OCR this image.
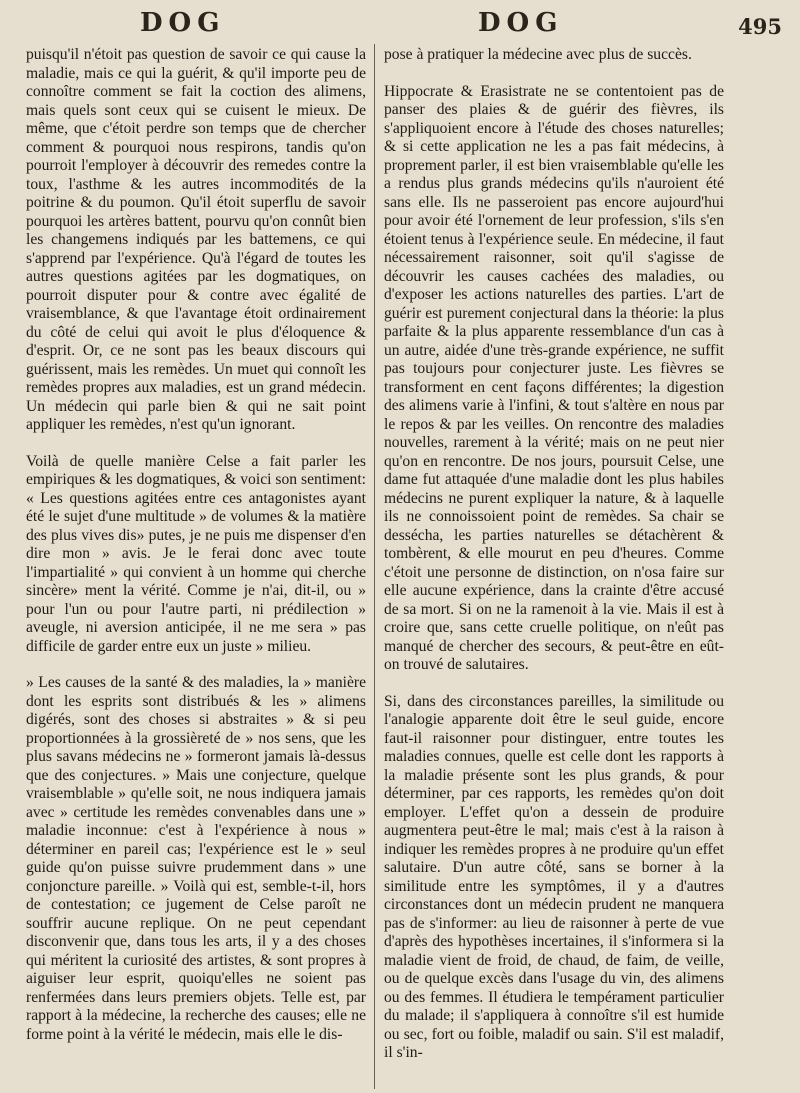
DOG	DOG	495

puisqu'il n'étoit pas question de savoir ce qui cause la maladie, mais ce qui la guérit, & qu'il importe peu de connoître comment se fait la coction des alimens, mais quels sont ceux qui se cuisent le mieux. De même, que c'étoit perdre son temps que de chercher comment & pourquoi nous respirons, tandis qu'on pourroit l'employer à découvrir des remedes contre la toux, l'asthme & les autres incommodités de la poitrine & du poumon. Qu'il étoit superflu de savoir pourquoi les artères battent, pourvu qu'on connût bien les changemens indiqués par les battemens, ce qui s'apprend par l'expérience. Qu'à l'égard de toutes les autres questions agitées par les dogmatiques, on pourroit disputer pour & contre avec égalité de vraisemblance, & que l'avantage étoit ordinairement du côté de celui qui avoit le plus d'éloquence & d'esprit. Or, ce ne sont pas les beaux discours qui guérissent, mais les remèdes. Un muet qui connoît les remèdes propres aux maladies, est un grand médecin. Un médecin qui parle bien & qui ne sait point appliquer les remèdes, n'est qu'un ignorant.

Voilà de quelle manière Celse a fait parler les empiriques & les dogmatiques, & voici son sentiment: « Les questions agitées entre ces antagonistes ayant été le sujet d'une multitude » de volumes & la matière des plus vives dis» putes, je ne puis me dispenser d'en dire mon » avis. Je le ferai donc avec toute l'impartialité » qui convient à un homme qui cherche sincère» ment la vérité. Comme je n'ai, dit-il, ou » pour l'un ou pour l'autre parti, ni prédilection » aveugle, ni aversion anticipée, il ne me sera » pas difficile de garder entre eux un juste » milieu.

» Les causes de la santé & des maladies, la » manière dont les esprits sont distribués & les » alimens digérés, sont des choses si abstraites » & si peu proportionnées à la grossièreté de » nos sens, que les plus savans médecins ne » formeront jamais là-dessus que des conjectures. » Mais une conjecture, quelque vraisemblable » qu'elle soit, ne nous indiquera jamais avec » certitude les remèdes convenables dans une » maladie inconnue: c'est à l'expérience à nous » déterminer en pareil cas; l'expérience est le » seul guide qu'on puisse suivre prudemment dans » une conjoncture pareille. » Voilà qui est, semble-t-il, hors de contestation; ce jugement de Celse paroît ne souffrir aucune replique. On ne peut cependant disconvenir que, dans tous les arts, il y a des choses qui méritent la curiosité des artistes, & sont propres à aiguiser leur esprit, quoiqu'elles ne soient pas renfermées dans leurs premiers objets. Telle est, par rapport à la médecine, la recherche des causes; elle ne forme point à la vérité le médecin, mais elle le dis-

pose à pratiquer la médecine avec plus de succès.

Hippocrate & Erasistrate ne se contentoient pas de panser des plaies & de guérir des fièvres, ils s'appliquoient encore à l'étude des choses naturelles; & si cette application ne les a pas fait médecins, à proprement parler, il est bien vraisemblable qu'elle les a rendus plus grands médecins qu'ils n'auroient été sans elle. Ils ne passeroient pas encore aujourd'hui pour avoir été l'ornement de leur profession, s'ils s'en étoient tenus à l'expérience seule. En médecine, il faut nécessairement raisonner, soit qu'il s'agisse de découvrir les causes cachées des maladies, ou d'exposer les actions naturelles des parties. L'art de guérir est purement conjectural dans la théorie: la plus parfaite & la plus apparente ressemblance d'un cas à un autre, aidée d'une très-grande expérience, ne suffit pas toujours pour conjecturer juste. Les fièvres se transforment en cent façons différentes; la digestion des alimens varie à l'infini, & tout s'altère en nous par le repos & par les veilles. On rencontre des maladies nouvelles, rarement à la vérité; mais on ne peut nier qu'on en rencontre. De nos jours, poursuit Celse, une dame fut attaquée d'une maladie dont les plus habiles médecins ne purent expliquer la nature, & à laquelle ils ne connoissoient point de remèdes. Sa chair se dessécha, les parties naturelles se détachèrent & tombèrent, & elle mourut en peu d'heures. Comme c'étoit une personne de distinction, on n'osa faire sur elle aucune expérience, dans la crainte d'être accusé de sa mort. Si on ne la ramenoit à la vie. Mais il est à croire que, sans cette cruelle politique, on n'eût pas manqué de chercher des secours, & peut-être en eût-on trouvé de salutaires.

Si, dans des circonstances pareilles, la similitude ou l'analogie apparente doit être le seul guide, encore faut-il raisonner pour distinguer, entre toutes les maladies connues, quelle est celle dont les rapports à la maladie présente sont les plus grands, & pour déterminer, par ces rapports, les remèdes qu'on doit employer. L'effet qu'on a dessein de produire augmentera peut-être le mal; mais c'est à la raison à indiquer les remèdes propres à ne produire qu'un effet salutaire. D'un autre côté, sans se borner à la similitude entre les symptômes, il y a d'autres circonstances dont un médecin prudent ne manquera pas de s'informer: au lieu de raisonner à perte de vue d'après des hypothèses incertaines, il s'informera si la maladie vient de froid, de chaud, de faim, de veille, ou de quelque excès dans l'usage du vin, des alimens ou des femmes. Il étudiera le tempérament particulier du malade; il s'appliquera à connoître s'il est humide ou sec, fort ou foible, maladif ou sain. S'il est maladif, il s'in-
